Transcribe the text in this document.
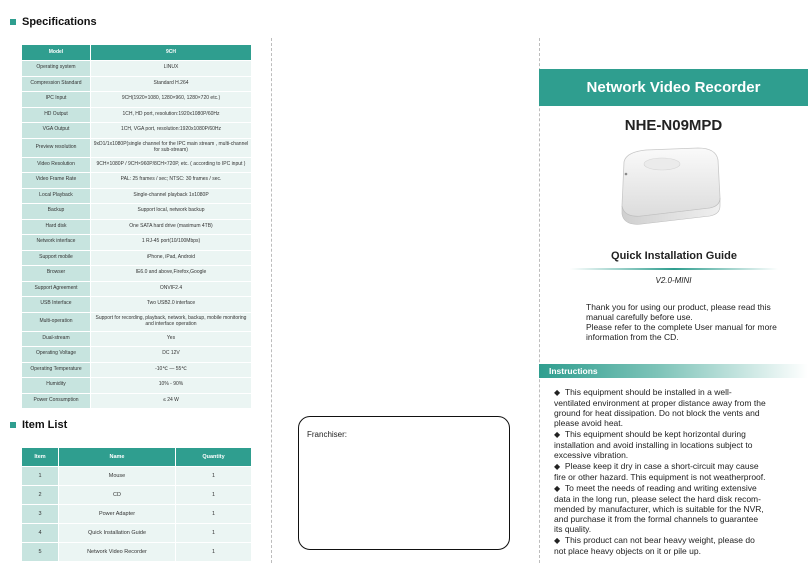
Specifications
Model	9CH
Operating system	LINUX
Compression Standard	Standard H.264
IPC Input	9CH(1920×1080, 1280×960, 1280×720 etc.)
HD Output	1CH, HD port, resolution:1920x1080P/60Hz
VGA Output	1CH, VGA port, resolution:1920x1080P/60Hz
Preview resolution	9xD1/1x1080P(single channel for the IPC main stream , multi-channel for sub-stream)
Video Resolution	9CH×1080P / 9CH×960P/8CH×720P, etc. ( according to IPC input )
Video Frame Rate	PAL: 25 frames / sec; NTSC: 30 frames / sec.
Local Playback	Single-channel playback 1x1080P
Backup	Support local, network backup
Hard disk	One SATA hard drive (maximum 4TB)
Network interface	1 RJ-45 port(10/100Mbps)
Support mobile	iPhone, iPad, Android
Browser	IE6.0 and above,Firefox,Google
Support Agreement	ONVIF2.4
USB Interface	Two USB2.0 interface
Multi-operation	Support for recording, playback, network, backup, mobile monitoring and interface operation
Dual-stream	Yes
Operating Voltage	DC 12V
Operating Temperature	-10℃ — 55℃
Humidity	10% - 90%
Power Consumption	≤ 24 W
Item List
Item	Name	Quantity
1	Mouse	1
2	CD	1
3	Power Adapter	1
4	Quick Installation Guide	1
5	Network Video Recorder	1
Franchiser:
Network Video Recorder
NHE-N09MPD
Quick Installation Guide
V2.0-MINI

Thank you for using our product, please read this manual carefully before use.

Please refer to the complete User manual for more information from the CD.

Instructions
◆ This equipment should be installed in a well-ventilated environment at proper distance away from the ground for heat dissipation. Do not block the vents and please avoid heat.
◆ This equipment should be kept horizontal during installation and avoid installing in locations subject to excessive vibration.
◆ Please keep it dry in case a short-circuit may cause fire or other hazard. This equipment is not weatherproof.
◆ To meet the needs of reading and writing extensive data in the long run, please select the hard disk recom-mended by manufacturer, which is suitable for the NVR, and purchase it from the formal channels to guarantee its quality.
◆ This product can not bear heavy weight, please do not place heavy objects on it or pile up.
